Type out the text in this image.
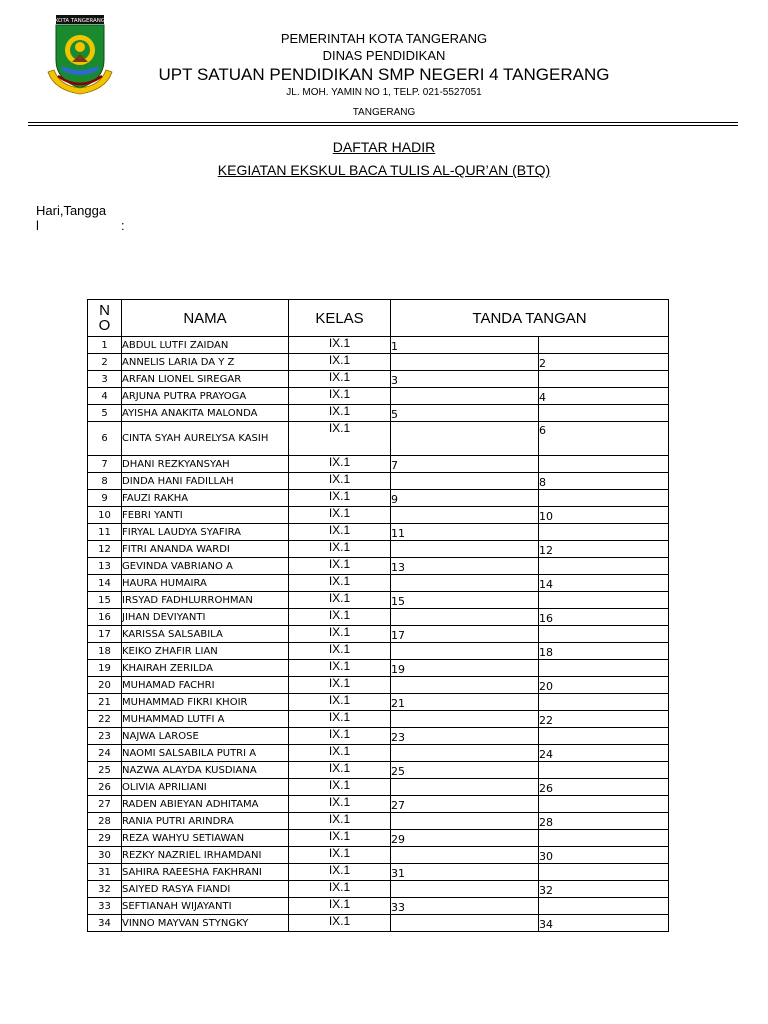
KOTA TANGERANG
PEMERINTAH KOTA TANGERANG
DINAS PENDIDIKAN
UPT SATUAN PENDIDIKAN SMP NEGERI 4 TANGERANG
JL. MOH. YAMIN NO 1, TELP. 021-5527051
TANGERANG
DAFTAR HADIR
KEGIATAN EKSKUL BACA TULIS AL-QUR’AN (BTQ)
Hari,Tangga
l	:
N O	NAMA	KELAS	TANDA TANGAN	
1	ABDUL LUTFI ZAIDAN	IX.1	1	
2	ANNELIS LARIA DA Y Z	IX.1		2
3	ARFAN LIONEL SIREGAR	IX.1	3	
4	ARJUNA PUTRA PRAYOGA	IX.1		4
5	AYISHA ANAKITA MALONDA	IX.1	5	
6	CINTA SYAH AURELYSA KASIH	IX.1		6
7	DHANI REZKYANSYAH	IX.1	7	
8	DINDA HANI FADILLAH	IX.1		8
9	FAUZI RAKHA	IX.1	9	
10	FEBRI YANTI	IX.1		10
11	FIRYAL LAUDYA SYAFIRA	IX.1	11	
12	FITRI ANANDA WARDI	IX.1		12
13	GEVINDA VABRIANO A	IX.1	13	
14	HAURA HUMAIRA	IX.1		14
15	IRSYAD FADHLURROHMAN	IX.1	15	
16	JIHAN DEVIYANTI	IX.1		16
17	KARISSA SALSABILA	IX.1	17	
18	KEIKO ZHAFIR LIAN	IX.1		18
19	KHAIRAH ZERILDA	IX.1	19	
20	MUHAMAD FACHRI	IX.1		20
21	MUHAMMAD FIKRI KHOIR	IX.1	21	
22	MUHAMMAD LUTFI A	IX.1		22
23	NAJWA LAROSE	IX.1	23	
24	NAOMI SALSABILA PUTRI A	IX.1		24
25	NAZWA ALAYDA KUSDIANA	IX.1	25	
26	OLIVIA APRILIANI	IX.1		26
27	RADEN ABIEYAN ADHITAMA	IX.1	27	
28	RANIA PUTRI ARINDRA	IX.1		28
29	REZA WAHYU SETIAWAN	IX.1	29	
30	REZKY NAZRIEL IRHAMDANI	IX.1		30
31	SAHIRA RAEESHA FAKHRANI	IX.1	31	
32	SAIYED RASYA FIANDI	IX.1		32
33	SEFTIANAH WIJAYANTI	IX.1	33	
34	VINNO MAYVAN STYNGKY	IX.1		34
